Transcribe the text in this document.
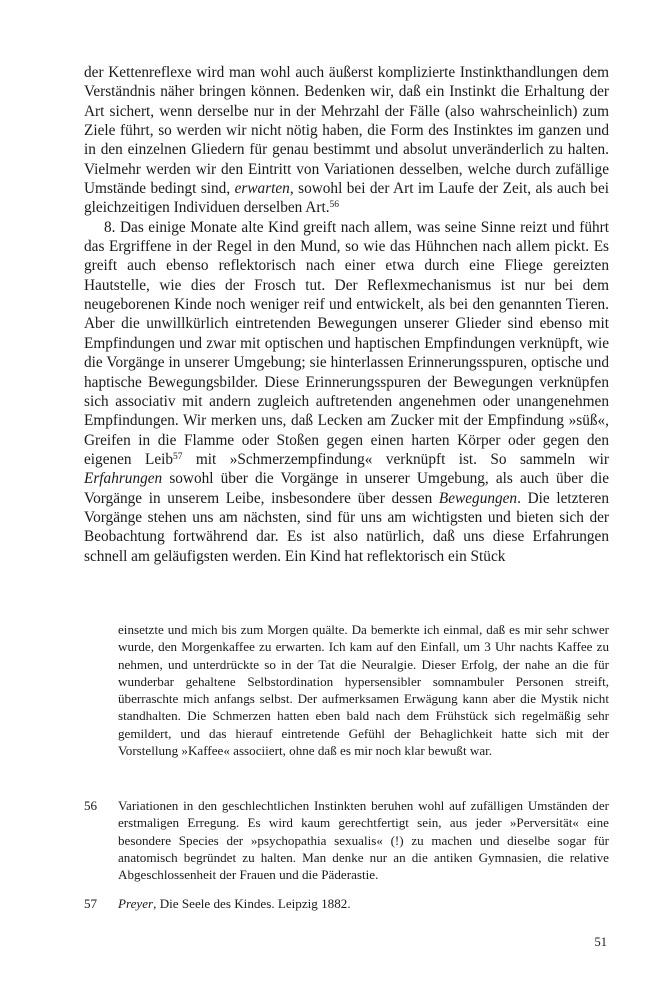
der Kettenreflexe wird man wohl auch äußerst komplizierte Instinkthandlungen dem Verständnis näher bringen können. Bedenken wir, daß ein Instinkt die Erhaltung der Art sichert, wenn derselbe nur in der Mehrzahl der Fälle (also wahrscheinlich) zum Ziele führt, so werden wir nicht nötig haben, die Form des Instinktes im ganzen und in den einzelnen Gliedern für genau bestimmt und absolut unveränderlich zu halten. Vielmehr werden wir den Eintritt von Variationen desselben, welche durch zufällige Umstände bedingt sind, erwarten, sowohl bei der Art im Laufe der Zeit, als auch bei gleichzeitigen Individuen derselben Art.$^{56}$

8. Das einige Monate alte Kind greift nach allem, was seine Sinne reizt und führt das Ergriffene in der Regel in den Mund, so wie das Hühnchen nach allem pickt. Es greift auch ebenso reflektorisch nach einer etwa durch eine Fliege gereizten Hautstelle, wie dies der Frosch tut. Der Reflexmechanismus ist nur bei dem neugeborenen Kinde noch weniger reif und entwickelt, als bei den genannten Tieren. Aber die unwillkürlich eintretenden Bewegungen unserer Glieder sind ebenso mit Empfindungen und zwar mit optischen und haptischen Empfindungen verknüpft, wie die Vorgänge in unserer Umgebung; sie hinterlassen Erinnerungsspuren, optische und haptische Bewegungsbilder. Diese Erinnerungsspuren der Bewegungen verknüpfen sich associativ mit andern zugleich auftretenden angenehmen oder unangenehmen Empfindungen. Wir merken uns, daß Lecken am Zucker mit der Empfindung »süß«, Greifen in die Flamme oder Stoßen gegen einen harten Körper oder gegen den eigenen Leib$^{57}$ mit »Schmerzempfindung« verknüpft ist. So sammeln wir Erfahrungen sowohl über die Vorgänge in unserer Umgebung, als auch über die Vorgänge in unserem Leibe, insbesondere über dessen Bewegungen. Die letzteren Vorgänge stehen uns am nächsten, sind für uns am wichtigsten und bieten sich der Beobachtung fortwährend dar. Es ist also natürlich, daß uns diese Erfahrungen schnell am geläufigsten werden. Ein Kind hat reflektorisch ein Stück

einsetzte und mich bis zum Morgen quälte. Da bemerkte ich einmal, daß es mir sehr schwer wurde, den Morgenkaffee zu erwarten. Ich kam auf den Einfall, um 3 Uhr nachts Kaffee zu nehmen, und unterdrückte so in der Tat die Neuralgie. Dieser Erfolg, der nahe an die für wunderbar gehaltene Selbstordination hypersensibler somnambuler Personen streift, überraschte mich anfangs selbst. Der aufmerksamen Erwägung kann aber die Mystik nicht standhalten. Die Schmerzen hatten eben bald nach dem Frühstück sich regelmäßig sehr gemildert, und das hierauf eintretende Gefühl der Behaglichkeit hatte sich mit der Vorstellung »Kaffee« associiert, ohne daß es mir noch klar bewußt war.

56	Variationen in den geschlechtlichen Instinkten beruhen wohl auf zufälligen Umständen der erstmaligen Erregung. Es wird kaum gerechtfertigt sein, aus jeder »Perversität« eine besondere Species der »psychopathia sexualis« (!) zu machen und dieselbe sogar für anatomisch begründet zu halten. Man denke nur an die antiken Gymnasien, die relative Abgeschlossenheit der Frauen und die Päderastie.
57	Preyer, Die Seele des Kindes. Leipzig 1882.
51
